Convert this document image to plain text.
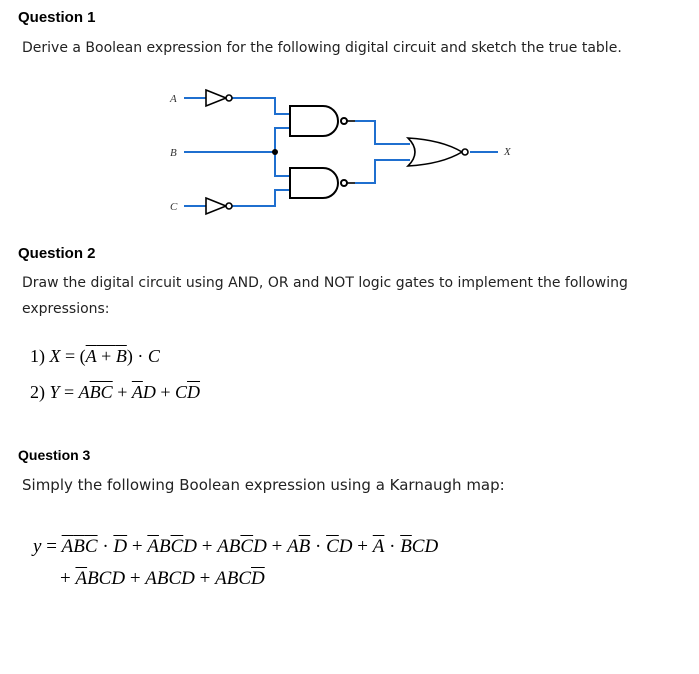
Question 1
Derive a Boolean expression for the following digital circuit and sketch the true table.
A
B
C
X
Question 2
Draw the digital circuit using AND, OR and NOT logic gates to implement the following
expressions:
1) X = (A + B) · C
2) $Y = A\overline{BC} + \overline{A}D + C\overline{D}$
Question 3
Simply the following Boolean expression using a Karnaugh map:
$y = \overline{A}\overline{B}\overline{C} \cdot \overline{D} + \overline{A}B\overline{C}D + AB\overline{C}D + A\overline{B} \cdot \overline{C}D + \overline{A} \cdot \overline{B}CD$
+ $\overline{A}BCD$ + ABCD + $ABC\overline{D}$
